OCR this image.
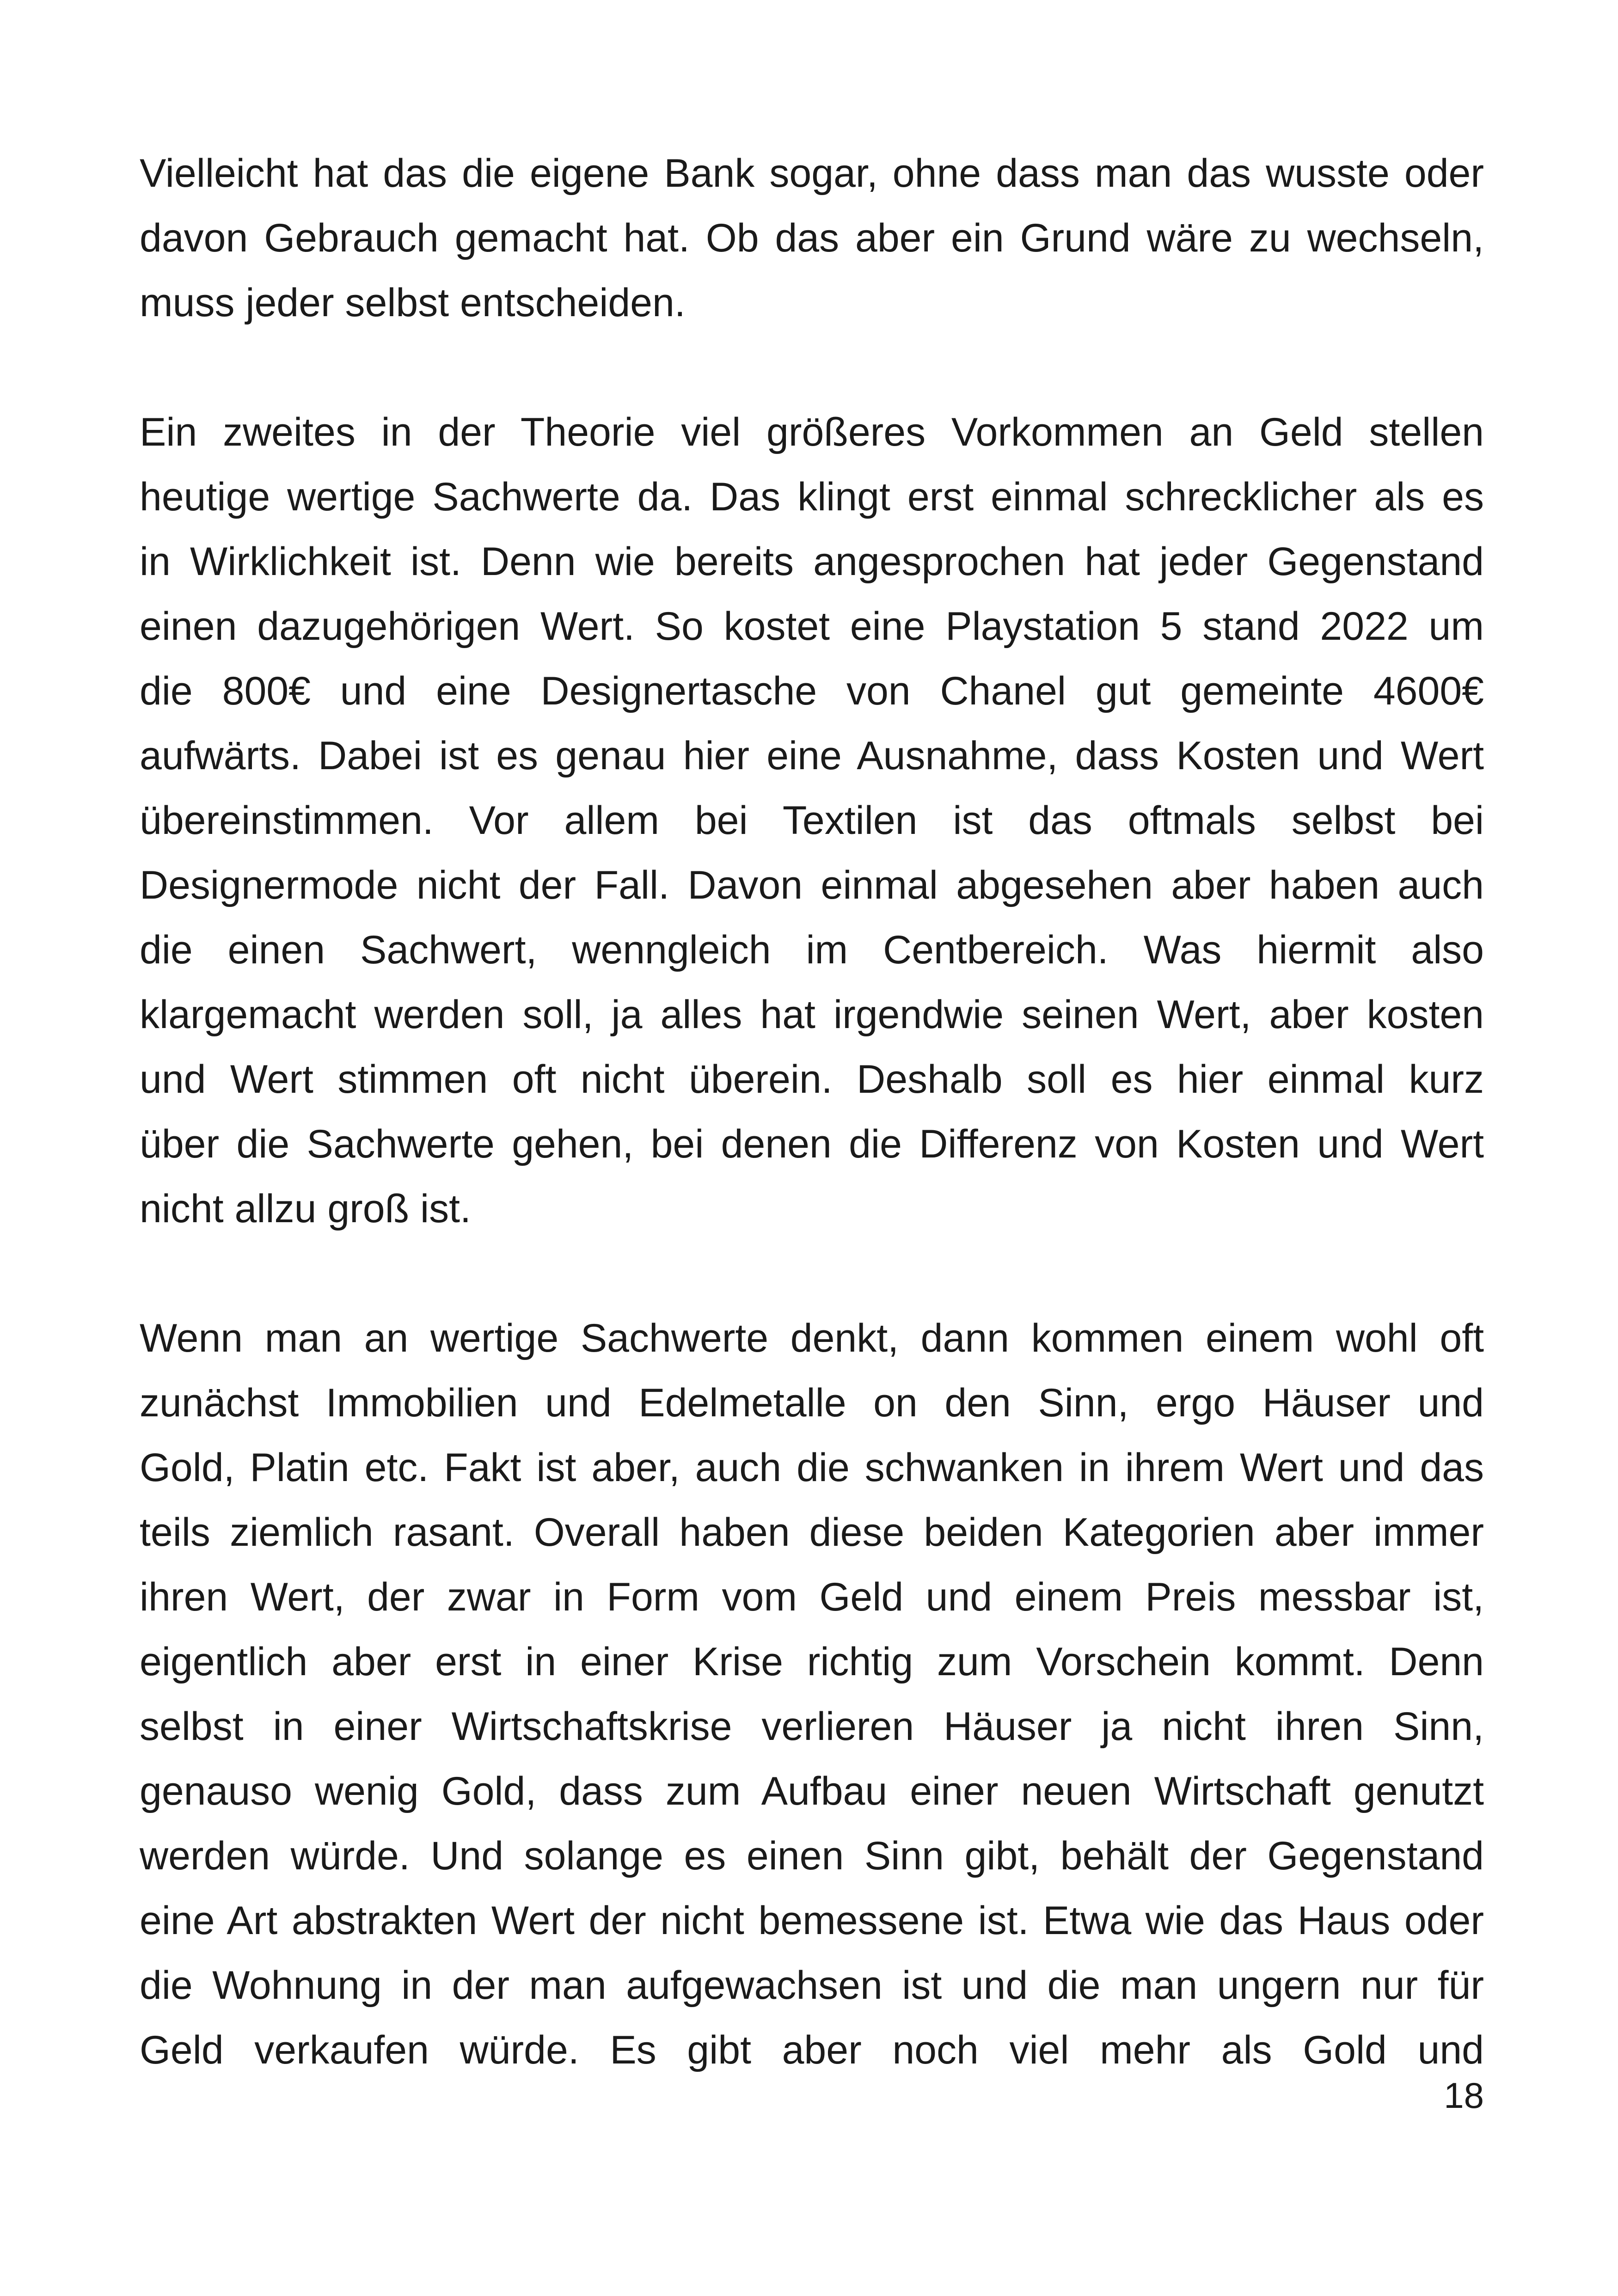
Vielleicht hat das die eigene Bank sogar, ohne dass man das wusste oder
davon Gebrauch gemacht hat. Ob das aber ein Grund wäre zu wechseln,
muss jeder selbst entscheiden.

Ein zweites in der Theorie viel größeres Vorkommen an Geld stellen
heutige wertige Sachwerte da. Das klingt erst einmal schrecklicher als es
in Wirklichkeit ist. Denn wie bereits angesprochen hat jeder Gegenstand
einen dazugehörigen Wert. So kostet eine Playstation 5 stand 2022 um
die 800€ und eine Designertasche von Chanel gut gemeinte 4600€
aufwärts. Dabei ist es genau hier eine Ausnahme, dass Kosten und Wert
übereinstimmen. Vor allem bei Textilen ist das oftmals selbst bei
Designermode nicht der Fall. Davon einmal abgesehen aber haben auch
die einen Sachwert, wenngleich im Centbereich. Was hiermit also
klargemacht werden soll, ja alles hat irgendwie seinen Wert, aber kosten
und Wert stimmen oft nicht überein. Deshalb soll es hier einmal kurz
über die Sachwerte gehen, bei denen die Differenz von Kosten und Wert
nicht allzu groß ist.

Wenn man an wertige Sachwerte denkt, dann kommen einem wohl oft
zunächst Immobilien und Edelmetalle on den Sinn, ergo Häuser und
Gold, Platin etc. Fakt ist aber, auch die schwanken in ihrem Wert und das
teils ziemlich rasant. Overall haben diese beiden Kategorien aber immer
ihren Wert, der zwar in Form vom Geld und einem Preis messbar ist,
eigentlich aber erst in einer Krise richtig zum Vorschein kommt. Denn
selbst in einer Wirtschaftskrise verlieren Häuser ja nicht ihren Sinn,
genauso wenig Gold, dass zum Aufbau einer neuen Wirtschaft genutzt
werden würde. Und solange es einen Sinn gibt, behält der Gegenstand
eine Art abstrakten Wert der nicht bemessene ist. Etwa wie das Haus oder
die Wohnung in der man aufgewachsen ist und die man ungern nur für
Geld verkaufen würde. Es gibt aber noch viel mehr als Gold und

18
